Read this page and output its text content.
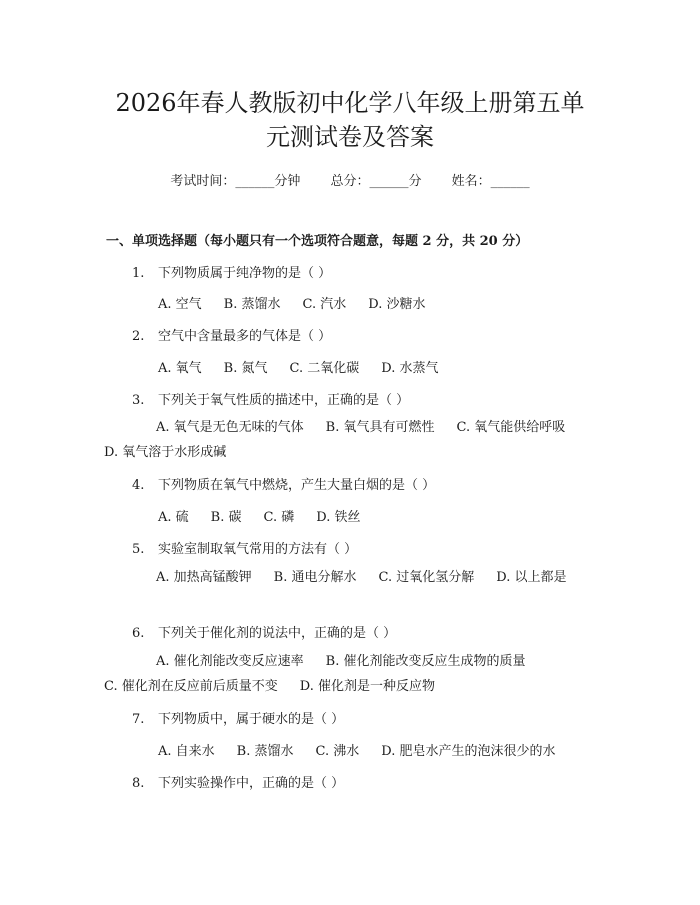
2026年春人教版初中化学八年级上册第五单
元测试卷及答案
考试时间：______分钟 总分：______分 姓名：______
一、单项选择题（每小题只有一个选项符合题意，每题 2 分，共 20 分）
1. 下列物质属于纯净物的是（ ）
A. 空气 B. 蒸馏水 C. 汽水 D. 沙糖水
2. 空气中含量最多的气体是（ ）
A. 氧气 B. 氮气 C. 二氧化碳 D. 水蒸气
3. 下列关于氧气性质的描述中，正确的是（ ）
A. 氧气是无色无味的气体 B. 氧气具有可燃性 C. 氧气能供给呼吸
D. 氧气溶于水形成碱
4. 下列物质在氧气中燃烧，产生大量白烟的是（ ）
A. 硫 B. 碳 C. 磷 D. 铁丝
5. 实验室制取氧气常用的方法有（ ）
A. 加热高锰酸钾 B. 通电分解水 C. 过氧化氢分解 D. 以上都是
6. 下列关于催化剂的说法中，正确的是（ ）
A. 催化剂能改变反应速率 B. 催化剂能改变反应生成物的质量
C. 催化剂在反应前后质量不变 D. 催化剂是一种反应物
7. 下列物质中，属于硬水的是（ ）
A. 自来水 B. 蒸馏水 C. 沸水 D. 肥皂水产生的泡沫很少的水
8. 下列实验操作中，正确的是（ ）
